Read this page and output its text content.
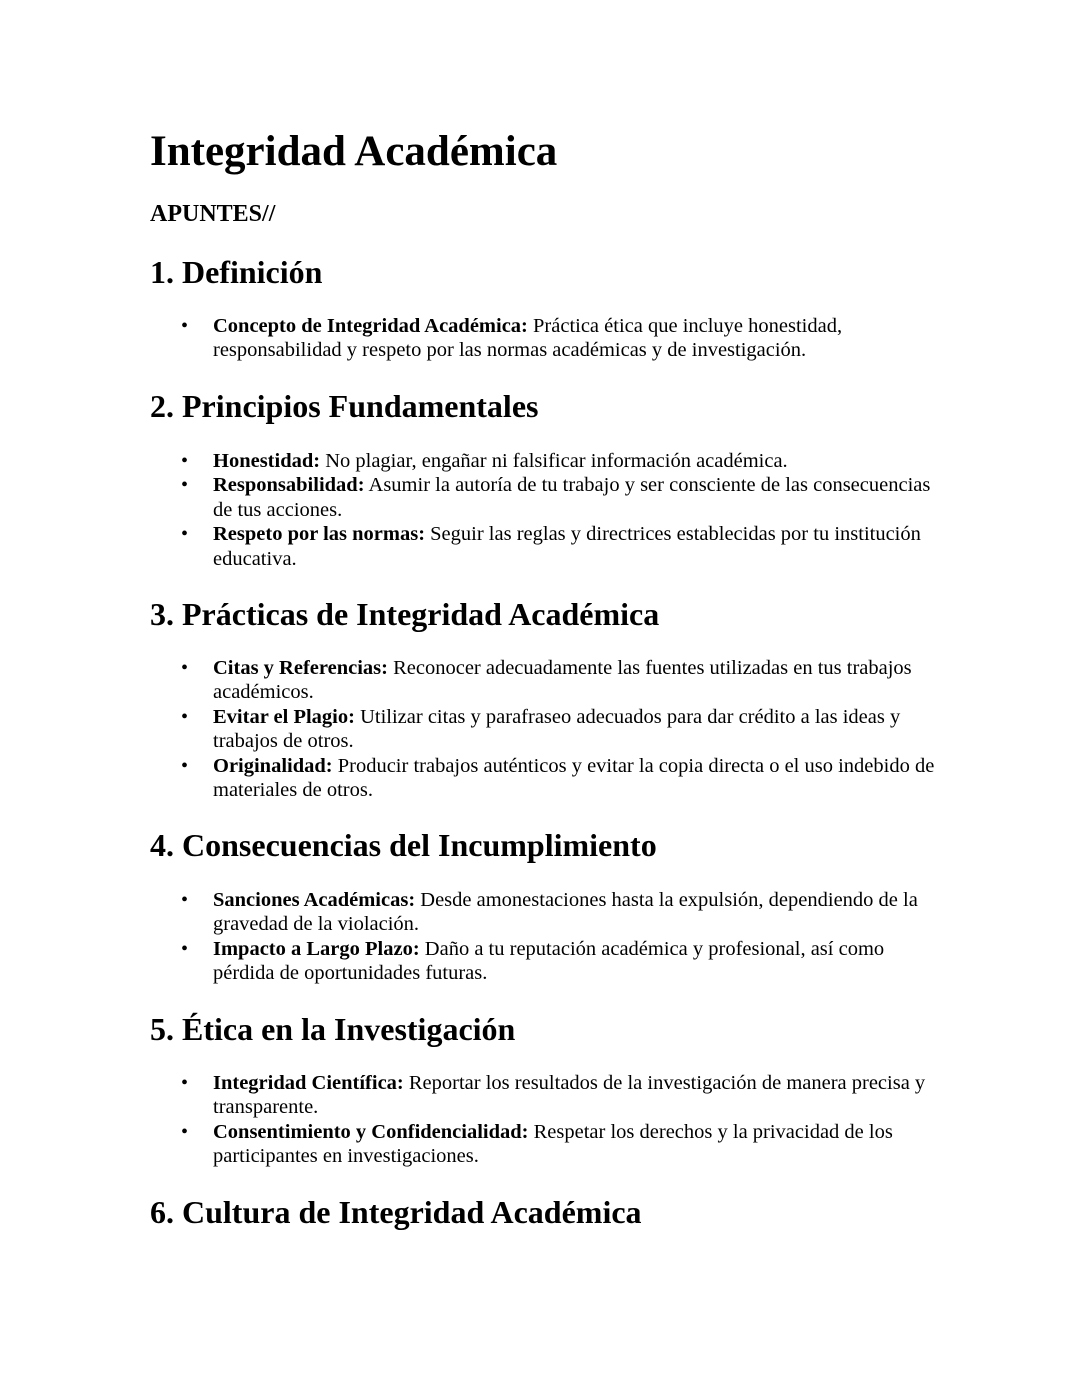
Integridad Académica

APUNTES//

1. Definición
• Concepto de Integridad Académica: Práctica ética que incluye honestidad, responsabilidad y respeto por las normas académicas y de investigación.
2. Principios Fundamentales
• Honestidad: No plagiar, engañar ni falsificar información académica.
• Responsabilidad: Asumir la autoría de tu trabajo y ser consciente de las consecuencias de tus acciones.
• Respeto por las normas: Seguir las reglas y directrices establecidas por tu institución educativa.
3. Prácticas de Integridad Académica
• Citas y Referencias: Reconocer adecuadamente las fuentes utilizadas en tus trabajos académicos.
• Evitar el Plagio: Utilizar citas y parafraseo adecuados para dar crédito a las ideas y trabajos de otros.
• Originalidad: Producir trabajos auténticos y evitar la copia directa o el uso indebido de materiales de otros.
4. Consecuencias del Incumplimiento
• Sanciones Académicas: Desde amonestaciones hasta la expulsión, dependiendo de la gravedad de la violación.
• Impacto a Largo Plazo: Daño a tu reputación académica y profesional, así como pérdida de oportunidades futuras.
5. Ética en la Investigación
• Integridad Científica: Reportar los resultados de la investigación de manera precisa y transparente.
• Consentimiento y Confidencialidad: Respetar los derechos y la privacidad de los participantes en investigaciones.
6. Cultura de Integridad Académica
